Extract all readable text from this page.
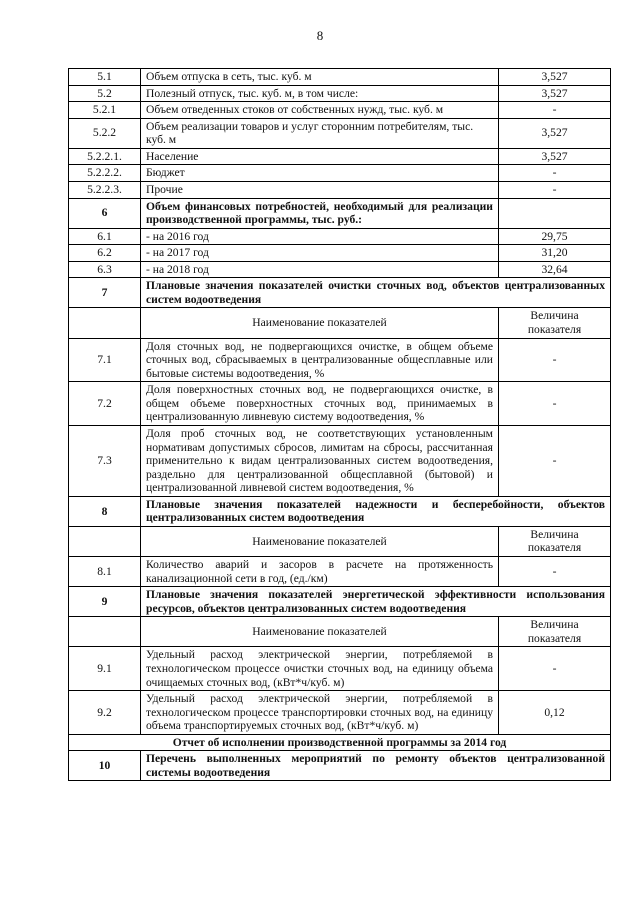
8
5.1	Объем отпуска в сеть, тыс. куб. м	3,527
5.2	Полезный отпуск, тыс. куб. м, в том числе:	3,527
5.2.1	Объем отведенных стоков от собственных нужд, тыс. куб. м	-
5.2.2	Объем реализации товаров и услуг сторонним потребителям, тыс. куб. м	3,527
5.2.2.1.	Население	3,527
5.2.2.2.	Бюджет	-
5.2.2.3.	Прочие	-
6	Объем финансовых потребностей, необходимый для реализации производственной программы, тыс. руб.:	
6.1	- на 2016 год	29,75
6.2	- на 2017 год	31,20
6.3	- на 2018 год	32,64
7	Плановые значения показателей очистки сточных вод, объектов централизованных систем водоотведения	
	Наименование показателей	Величина показателя
7.1	Доля сточных вод, не подвергающихся очистке, в общем объеме сточных вод, сбрасываемых в централизованные общесплавные или бытовые системы водоотведения, %	-
7.2	Доля поверхностных сточных вод, не подвергающихся очистке, в общем объеме поверхностных сточных вод, принимаемых в централизованную ливневую систему водоотведения, %	-
7.3	Доля проб сточных вод, не соответствующих установленным нормативам допустимых сбросов, лимитам на сбросы, рассчитанная применительно к видам централизованных систем водоотведения, раздельно для централизованной общесплавной (бытовой) и централизованной ливневой систем водоотведения, %	-
8	Плановые значения показателей надежности и бесперебойности, объектов централизованных систем водоотведения	
	Наименование показателей	Величина показателя
8.1	Количество аварий и засоров в расчете на протяженность канализационной сети в год, (ед./км)	-
9	Плановые значения показателей энергетической эффективности использования ресурсов, объектов централизованных систем водоотведения	
	Наименование показателей	Величина показателя
9.1	Удельный расход электрической энергии, потребляемой в технологическом процессе очистки сточных вод, на единицу объема очищаемых сточных вод, (кВт*ч/куб. м)	-
9.2	Удельный расход электрической энергии, потребляемой в технологическом процессе транспортировки сточных вод, на единицу объема транспортируемых сточных вод, (кВт*ч/куб. м)	0,12
Отчет об исполнении производственной программы за 2014 год		
10	Перечень выполненных мероприятий по ремонту объектов централизованной системы водоотведения	
